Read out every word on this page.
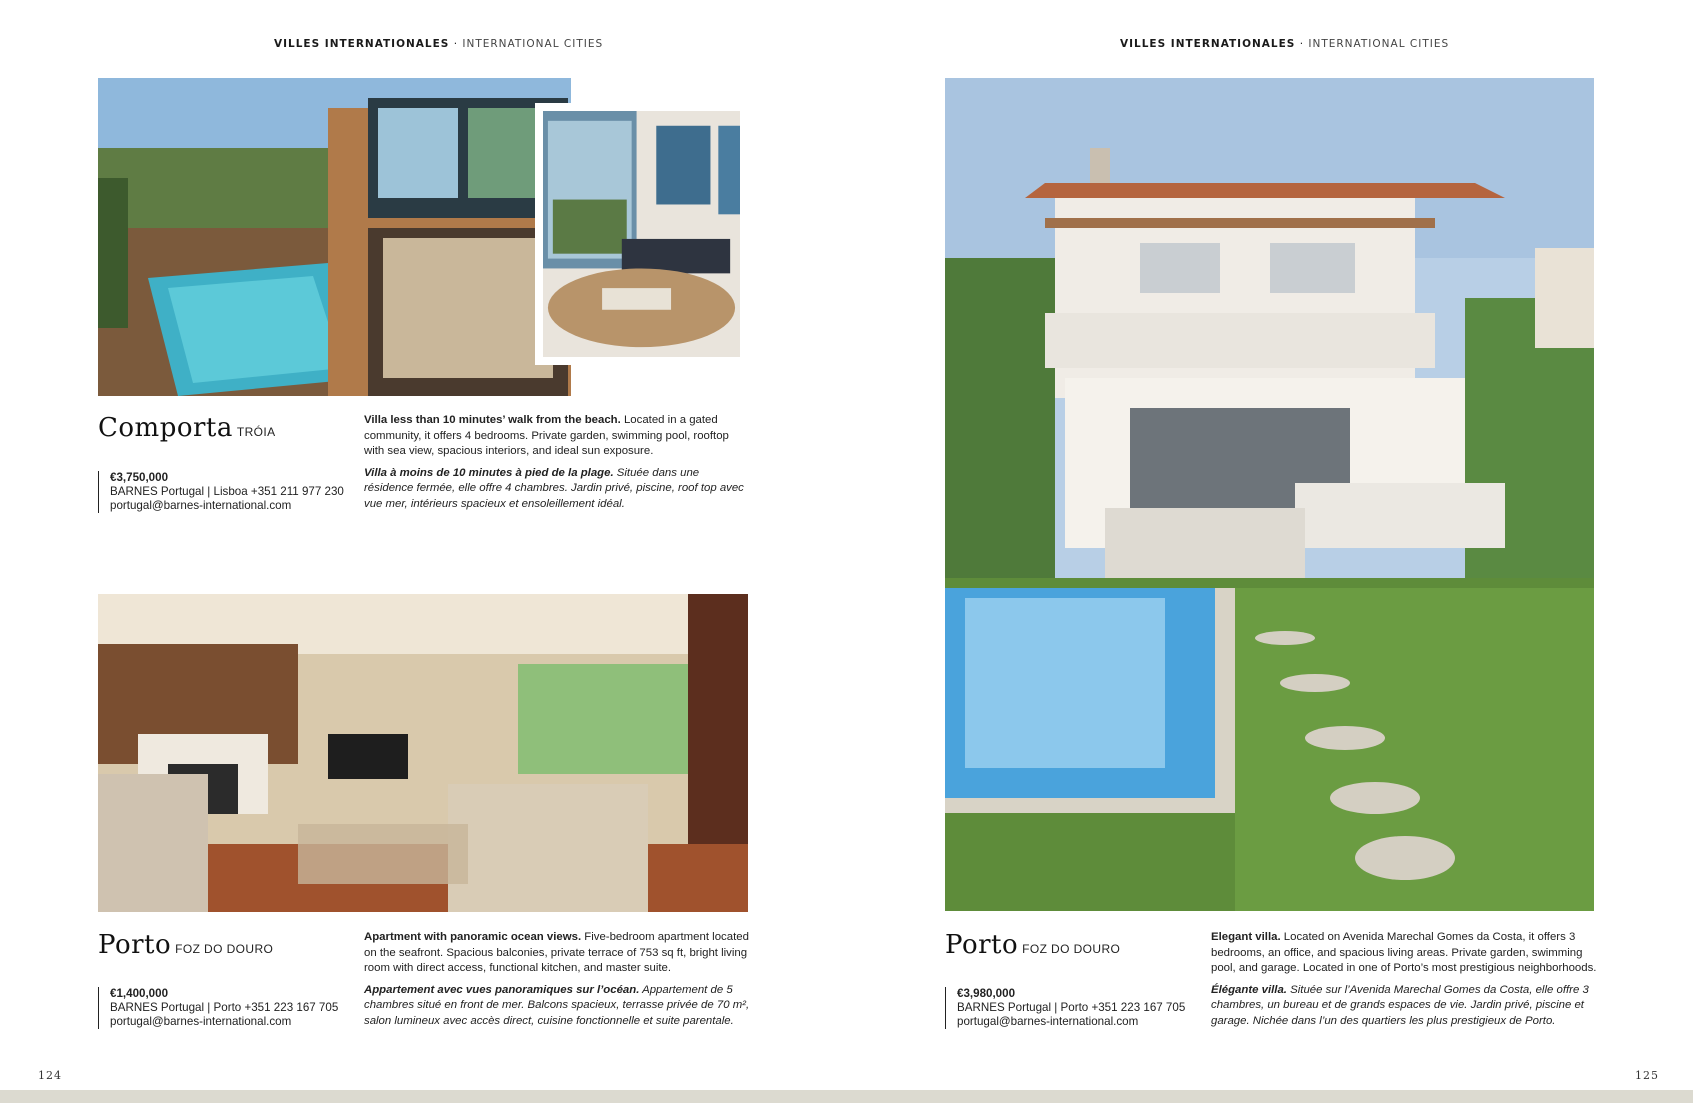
VILLES INTERNATIONALES · INTERNATIONAL CITIES
Comporta TRÓIA
€3,750,000
BARNES Portugal | Lisboa +351 211 977 230
portugal@barnes-international.com

Villa less than 10 minutes’ walk from the beach. Located in a gated community, it offers 4 bedrooms. Private garden, swimming pool, rooftop with sea view, spacious interiors, and ideal sun exposure.

Villa à moins de 10 minutes à pied de la plage. Située dans une résidence fermée, elle offre 4 chambres. Jardin privé, piscine, roof top avec vue mer, intérieurs spacieux et ensoleillement idéal.

Porto FOZ DO DOURO
€1,400,000
BARNES Portugal | Porto +351 223 167 705
portugal@barnes-international.com

Apartment with panoramic ocean views. Five-bedroom apartment located on the seafront. Spacious balconies, private terrace of 753 sq ft, bright living room with direct access, functional kitchen, and master suite.

Appartement avec vues panoramiques sur l’océan. Appartement de 5 chambres situé en front de mer. Balcons spacieux, terrasse privée de 70 m², salon lumineux avec accès direct, cuisine fonctionnelle et suite parentale.

124
VILLES INTERNATIONALES · INTERNATIONAL CITIES
Porto FOZ DO DOURO
€3,980,000
BARNES Portugal | Porto +351 223 167 705
portugal@barnes-international.com

Elegant villa. Located on Avenida Marechal Gomes da Costa, it offers 3 bedrooms, an office, and spacious living areas. Private garden, swimming pool, and garage. Located in one of Porto’s most prestigious neighborhoods.

Élégante villa. Située sur l’Avenida Marechal Gomes da Costa, elle offre 3 chambres, un bureau et de grands espaces de vie. Jardin privé, piscine et garage. Nichée dans l’un des quartiers les plus prestigieux de Porto.

125
